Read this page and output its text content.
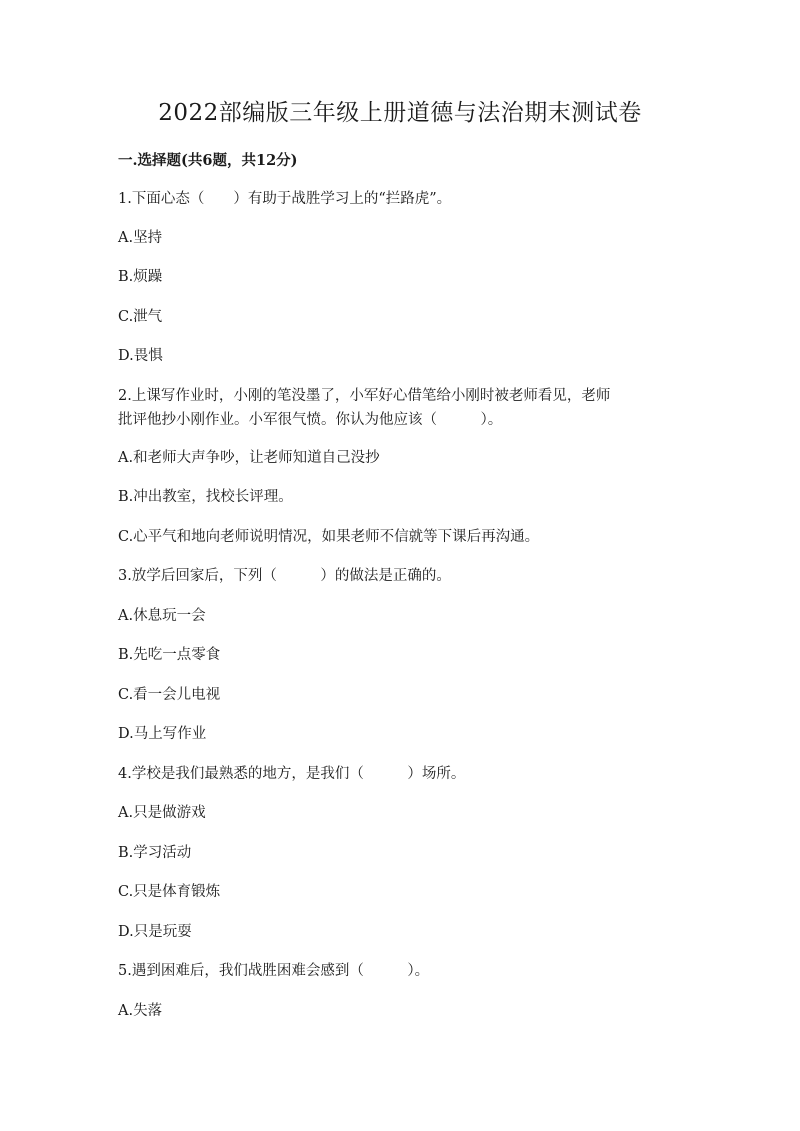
2022部编版三年级上册道德与法治期末测试卷
一.选择题(共6题，共12分)
1.下面心态（　　）有助于战胜学习上的“拦路虎”。
A.坚持
B.烦躁
C.泄气
D.畏惧
2.上课写作业时，小刚的笔没墨了，小军好心借笔给小刚时被老师看见，老师
批评他抄小刚作业。小军很气愤。你认为他应该（　　　）。
A.和老师大声争吵，让老师知道自己没抄
B.冲出教室，找校长评理。
C.心平气和地向老师说明情况，如果老师不信就等下课后再沟通。
3.放学后回家后，下列（　　　）的做法是正确的。
A.休息玩一会
B.先吃一点零食
C.看一会儿电视
D.马上写作业
4.学校是我们最熟悉的地方，是我们（　　　）场所。
A.只是做游戏
B.学习活动
C.只是体育锻炼
D.只是玩耍
5.遇到困难后，我们战胜困难会感到（　　　）。
A.失落
